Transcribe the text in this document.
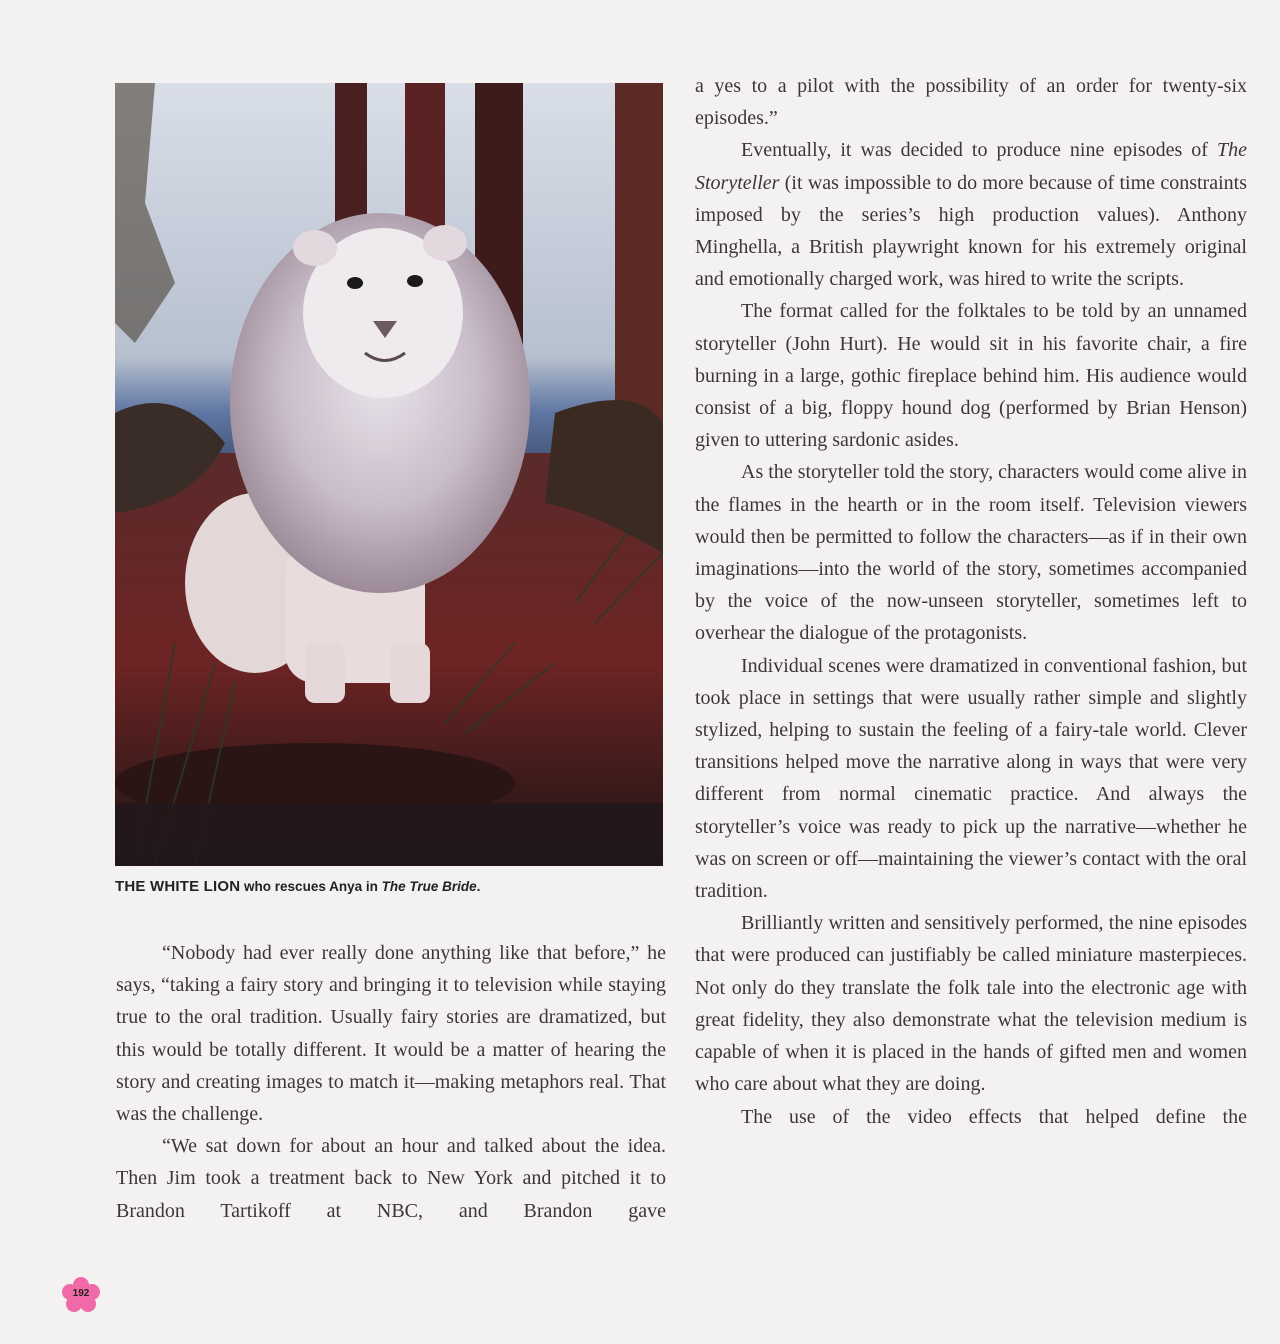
THE WHITE LION who rescues Anya in The True Bride.

“Nobody had ever really done anything like that before,” he says, “taking a fairy story and bringing it to television while staying true to the oral tradition. Usually fairy stories are dramatized, but this would be totally different. It would be a matter of hearing the story and creating images to match it—making metaphors real. That was the challenge.

“We sat down for about an hour and talked about the idea. Then Jim took a treatment back to New York and pitched it to Brandon Tartikoff at NBC, and Brandon gave

a yes to a pilot with the possibility of an order for twenty-six episodes.”

Eventually, it was decided to produce nine episodes of The Storyteller (it was impossible to do more because of time constraints imposed by the series’s high production values). Anthony Minghella, a British playwright known for his extremely original and emotionally charged work, was hired to write the scripts.

The format called for the folktales to be told by an unnamed storyteller (John Hurt). He would sit in his favorite chair, a fire burning in a large, gothic fireplace behind him. His audience would consist of a big, floppy hound dog (performed by Brian Henson) given to uttering sardonic asides.

As the storyteller told the story, characters would come alive in the flames in the hearth or in the room itself. Television viewers would then be permitted to follow the characters—as if in their own imaginations—into the world of the story, sometimes accompanied by the voice of the now-unseen storyteller, sometimes left to overhear the dialogue of the protagonists.

Individual scenes were dramatized in conventional fashion, but took place in settings that were usually rather simple and slightly stylized, helping to sustain the feeling of a fairy-tale world. Clever transitions helped move the narrative along in ways that were very different from normal cinematic practice. And always the storyteller’s voice was ready to pick up the narrative—whether he was on screen or off—maintaining the viewer’s contact with the oral tradition.

Brilliantly written and sensitively performed, the nine episodes that were produced can justifiably be called miniature masterpieces. Not only do they translate the folk tale into the electronic age with great fidelity, they also demonstrate what the television medium is capable of when it is placed in the hands of gifted men and women who care about what they are doing.

The use of the video effects that helped define the

192
